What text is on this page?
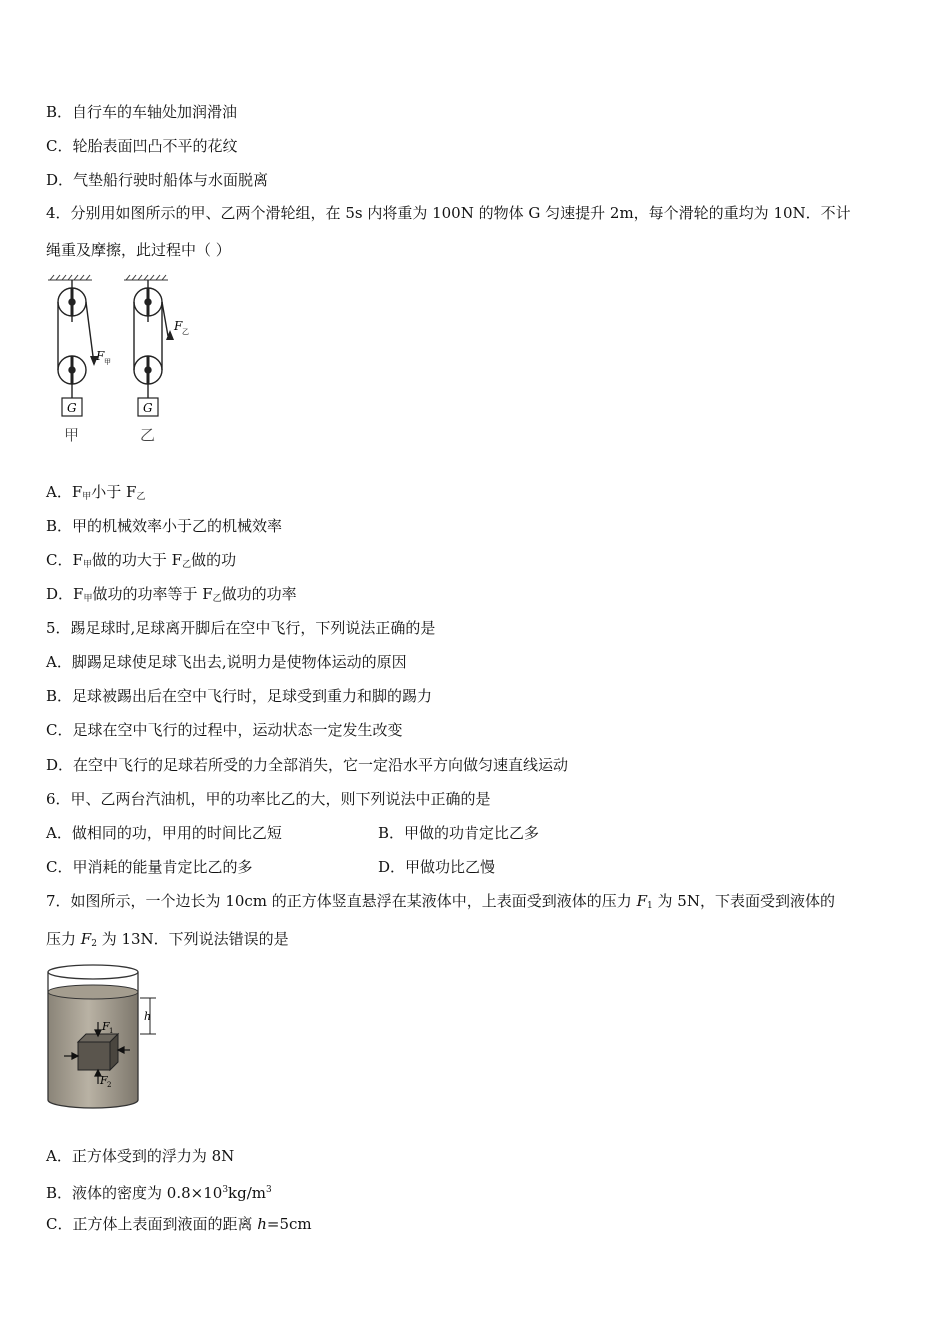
B．自行车的车轴处加润滑油
C．轮胎表面凹凸不平的花纹
D．气垫船行驶时船体与水面脱离
4．分别用如图所示的甲、乙两个滑轮组，在 5s 内将重为 100N 的物体 G 匀速提升 2m，每个滑轮的重均为 10N．不计
绳重及摩擦，此过程中（ ）
F 甲
G
甲
F 乙
G
乙
A．$F_甲$小于 $F_乙$
B．甲的机械效率小于乙的机械效率
C．$F_甲$做的功大于 $F_乙$做的功
D．$F_甲$做功的功率等于 $F_乙$做功的功率
5．踢足球时,足球离开脚后在空中飞行，下列说法正确的是
A．脚踢足球使足球飞出去,说明力是使物体运动的原因
B．足球被踢出后在空中飞行时，足球受到重力和脚的踢力
C．足球在空中飞行的过程中，运动状态一定发生改变
D．在空中飞行的足球若所受的力全部消失，它一定沿水平方向做匀速直线运动
6．甲、乙两台汽油机，甲的功率比乙的大，则下列说法中正确的是
A．做相同的功，甲用的时间比乙短	B．甲做的功肯定比乙多
C．甲消耗的能量肯定比乙的多	D．甲做功比乙慢
7．如图所示，一个边长为 10cm 的正方体竖直悬浮在某液体中，上表面受到液体的压力 $F_1$ 为 5N，下表面受到液体的
压力 $F_2$ 为 13N．下列说法错误的是
F 1
F 2
h
A．正方体受到的浮力为 8N
B．液体的密度为 $0.8\times 10^3kg/m^3$
C．正方体上表面到液面的距离 h=5cm
